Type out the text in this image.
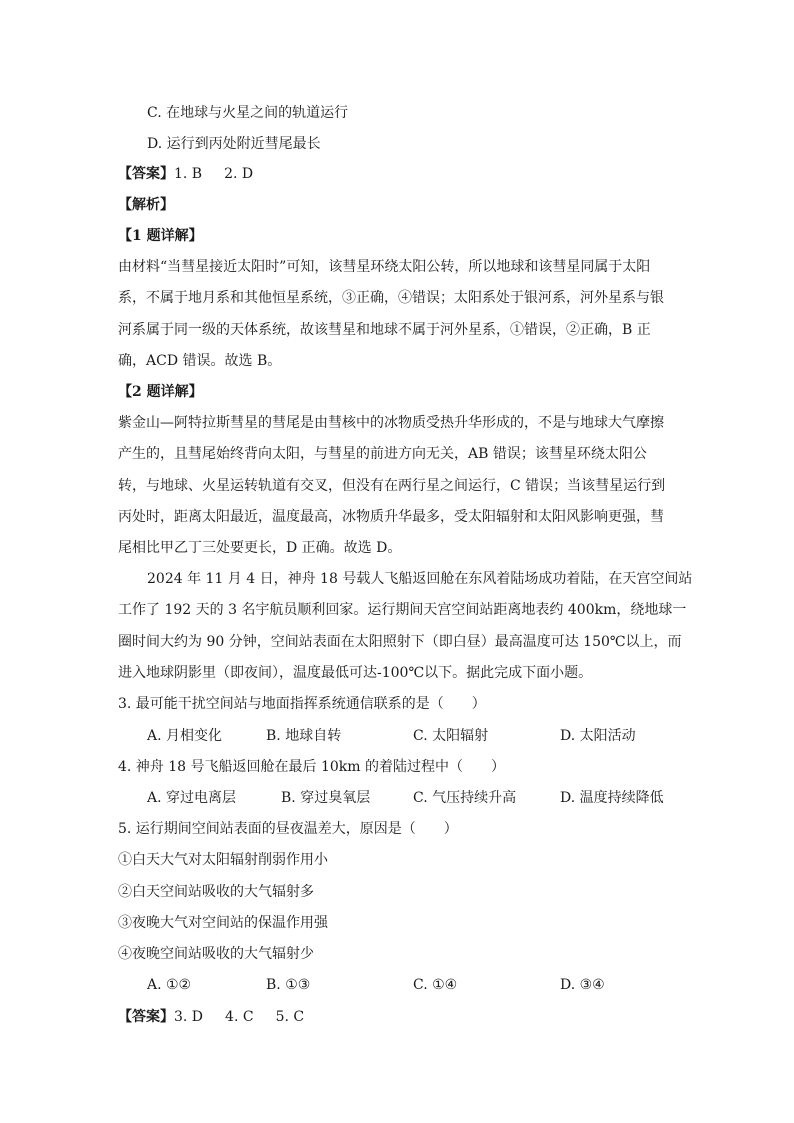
C. 在地球与火星之间的轨道运行
D. 运行到丙处附近彗尾最长
【答案】1. B 2. D
【解析】
【1 题详解】
由材料“当彗星接近太阳时”可知，该彗星环绕太阳公转，所以地球和该彗星同属于太阳
系，不属于地月系和其他恒星系统，③正确，④错误；太阳系处于银河系，河外星系与银
河系属于同一级的天体系统，故该彗星和地球不属于河外星系，①错误，②正确，B 正
确，ACD 错误。故选 B。
【2 题详解】
紫金山—阿特拉斯彗星的彗尾是由彗核中的冰物质受热升华形成的，不是与地球大气摩擦
产生的，且彗尾始终背向太阳，与彗星的前进方向无关，AB 错误；该彗星环绕太阳公
转，与地球、火星运转轨道有交叉，但没有在两行星之间运行，C 错误；当该彗星运行到
丙处时，距离太阳最近，温度最高，冰物质升华最多，受太阳辐射和太阳风影响更强，彗
尾相比甲乙丁三处要更长，D 正确。故选 D。
2024 年 11 月 4 日，神舟 18 号载人飞船返回舱在东风着陆场成功着陆，在天宫空间站
工作了 192 天的 3 名宇航员顺利回家。运行期间天宫空间站距离地表约 400km，绕地球一
圈时间大约为 90 分钟，空间站表面在太阳照射下（即白昼）最高温度可达 150℃以上，而
进入地球阴影里（即夜间），温度最低可达-100℃以下。据此完成下面小题。
3. 最可能干扰空间站与地面指挥系统通信联系的是（　　）
A. 月相变化	B. 地球自转	C. 太阳辐射	D. 太阳活动
4. 神舟 18 号飞船返回舱在最后 10km 的着陆过程中（　　）
A. 穿过电离层	B. 穿过臭氧层	C. 气压持续升高	D. 温度持续降低
5. 运行期间空间站表面的昼夜温差大，原因是（　　）
①白天大气对太阳辐射削弱作用小
②白天空间站吸收的大气辐射多
③夜晚大气对空间站的保温作用强
④夜晚空间站吸收的大气辐射少
A. ①②	B. ①③	C. ①④	D. ③④
【答案】3. D 4. C 5. C
